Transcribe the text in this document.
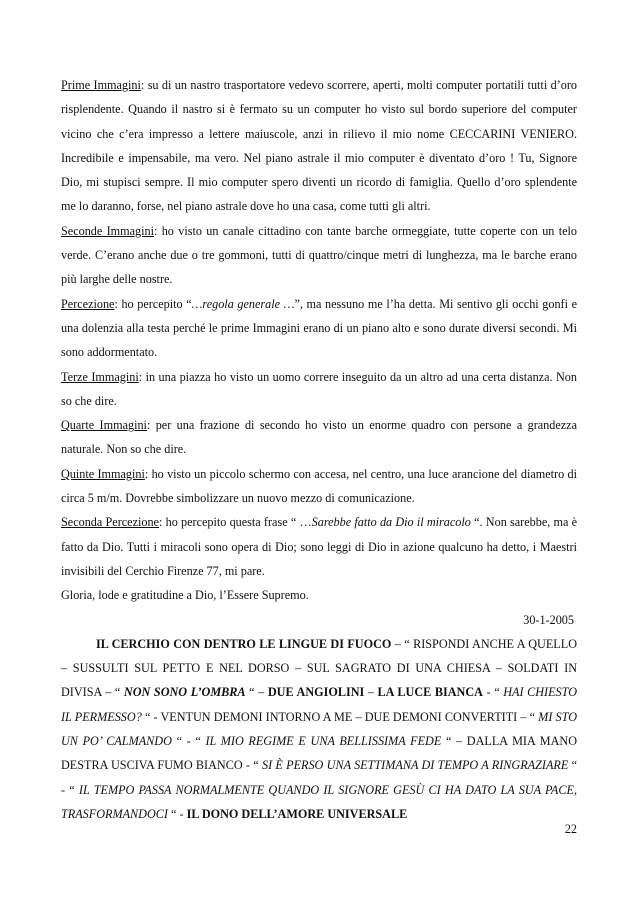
Prime Immagini: su di un nastro trasportatore vedevo scorrere, aperti, molti computer portatili tutti d’oro risplendente. Quando il nastro si è fermato su un computer ho visto sul bordo superiore del computer vicino che c’era impresso a lettere maiuscole, anzi in rilievo il mio nome CECCARINI VENIERO. Incredibile e impensabile, ma vero. Nel piano astrale il mio computer è diventato d’oro ! Tu, Signore Dio, mi stupisci sempre. Il mio computer spero diventi un ricordo di famiglia. Quello d’oro splendente me lo daranno, forse, nel piano astrale dove ho una casa, come tutti gli altri.

Seconde Immagini: ho visto un canale cittadino con tante barche ormeggiate, tutte coperte con un telo verde. C’erano anche due o tre gommoni, tutti di quattro/cinque metri di lunghezza, ma le barche erano più larghe delle nostre.

Percezione: ho percepito “…regola generale …”, ma nessuno me l’ha detta. Mi sentivo gli occhi gonfi e una dolenzia alla testa perché le prime Immagini erano di un piano alto e sono durate diversi secondi. Mi sono addormentato.

Terze Immagini: in una piazza ho visto un uomo correre inseguito da un altro ad una certa distanza. Non so che dire.

Quarte Immagini: per una frazione di secondo ho visto un enorme quadro con persone a grandezza naturale. Non so che dire.

Quinte Immagini: ho visto un piccolo schermo con accesa, nel centro, una luce arancione del diametro di circa 5 m/m. Dovrebbe simbolizzare un nuovo mezzo di comunicazione.

Seconda Percezione: ho percepito questa frase “ …Sarebbe fatto da Dio il miracolo “. Non sarebbe, ma è fatto da Dio. Tutti i miracoli sono opera di Dio; sono leggi di Dio in azione qualcuno ha detto, i Maestri invisibili del Cerchio Firenze 77, mi pare.

Gloria, lode e gratitudine a Dio, l’Essere Supremo.

30-1-2005

IL CERCHIO CON DENTRO LE LINGUE DI FUOCO – “ RISPONDI ANCHE A QUELLO – SUSSULTI SUL PETTO E NEL DORSO – SUL SAGRATO DI UNA CHIESA – SOLDATI IN DIVISA – “ NON SONO L’OMBRA “ – DUE ANGIOLINI – LA LUCE BIANCA - “ HAI CHIESTO IL PERMESSO? “ - VENTUN DEMONI INTORNO A ME – DUE DEMONI CONVERTITI – “ MI STO UN PO’ CALMANDO “ - “ IL MIO REGIME E UNA BELLISSIMA FEDE “ – DALLA MIA MANO DESTRA USCIVA FUMO BIANCO - “ SI È PERSO UNA SETTIMANA DI TEMPO A RINGRAZIARE “ - “ IL TEMPO PASSA NORMALMENTE QUANDO IL SIGNORE GESÙ CI HA DATO LA SUA PACE, TRASFORMANDOCI “ - IL DONO DELL’AMORE UNIVERSALE

22
